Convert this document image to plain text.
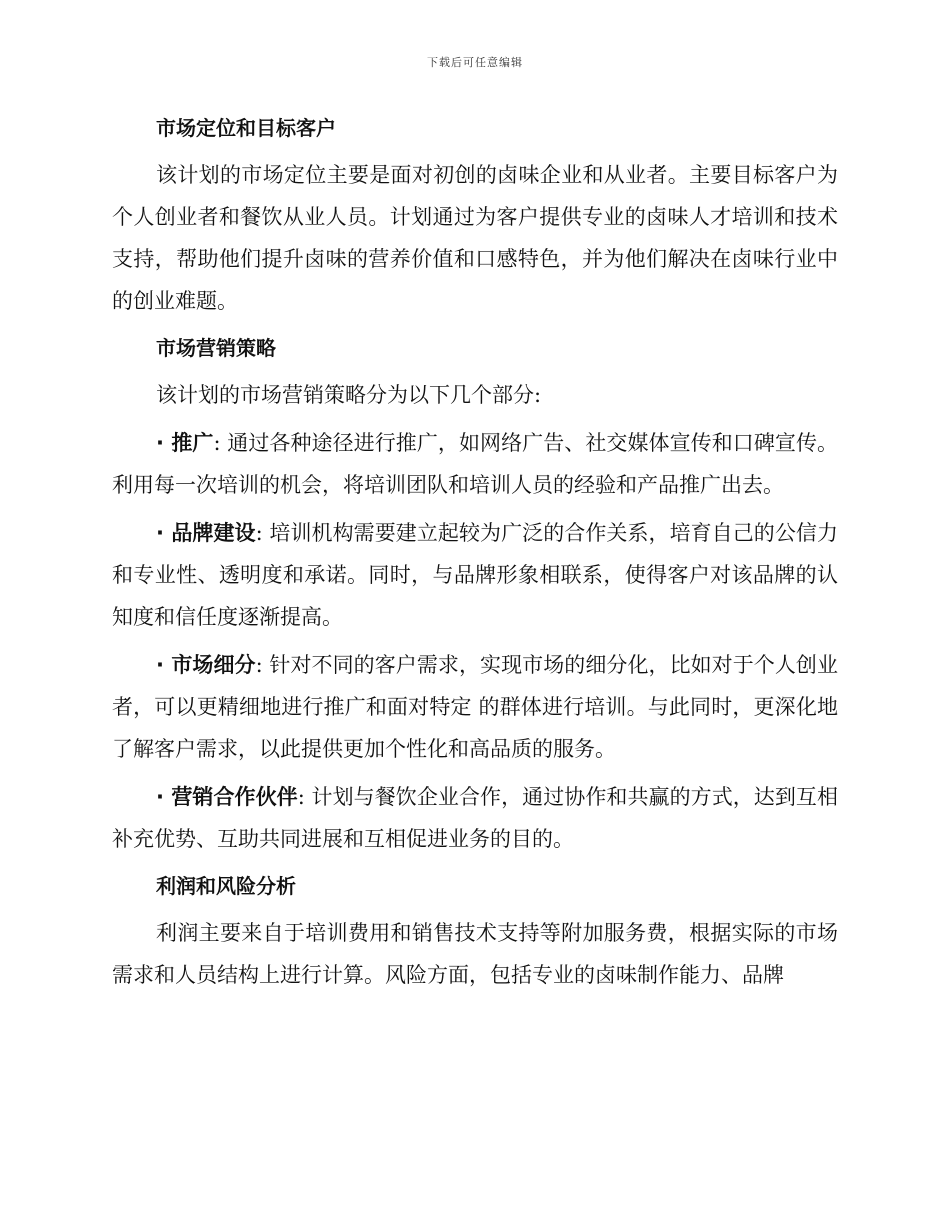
下载后可任意编辑
市场定位和目标客户

该计划的市场定位主要是面对初创的卤味企业和从业者。主要目标客户为个人创业者和餐饮从业人员。计划通过为客户提供专业的卤味人才培训和技术支持，帮助他们提升卤味的营养价值和口感特色，并为他们解决在卤味行业中的创业难题。

市场营销策略

该计划的市场营销策略分为以下几个部分:

· 推广: 通过各种途径进行推广，如网络广告、社交媒体宣传和口碑宣传。利用每一次培训的机会，将培训团队和培训人员的经验和产品推广出去。

· 品牌建设: 培训机构需要建立起较为广泛的合作关系，培育自己的公信力和专业性、透明度和承诺。同时，与品牌形象相联系，使得客户对该品牌的认知度和信任度逐渐提高。

· 市场细分: 针对不同的客户需求，实现市场的细分化，比如对于个人创业者，可以更精细地进行推广和面对特定 的群体进行培训。与此同时，更深化地了解客户需求，以此提供更加个性化和高品质的服务。

· 营销合作伙伴: 计划与餐饮企业合作，通过协作和共赢的方式，达到互相补充优势、互助共同进展和互相促进业务的目的。

利润和风险分析

利润主要来自于培训费用和销售技术支持等附加服务费，根据实际的市场需求和人员结构上进行计算。风险方面，包括专业的卤味制作能力、品牌
